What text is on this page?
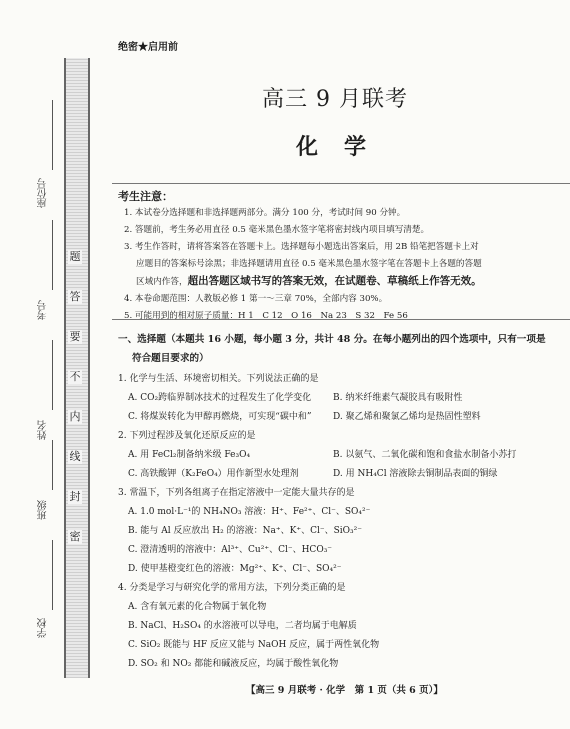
题
答
要
不
内
线
封
密
座位号
考号
姓名
班级
学校
绝密★启用前
高三 9 月联考
化学
考生注意：
1. 本试卷分选择题和非选择题两部分。满分 100 分，考试时间 90 分钟。
2. 答题前，考生务必用直径 0.5 毫米黑色墨水签字笔将密封线内项目填写清楚。
3. 考生作答时，请将答案答在答题卡上。选择题每小题选出答案后，用 2B 铅笔把答题卡上对
应题目的答案标号涂黑；非选择题请用直径 0.5 毫米黑色墨水签字笔在答题卡上各题的答题
区域内作答，超出答题区域书写的答案无效，在试题卷、草稿纸上作答无效。
4. 本卷命题范围：人教版必修 1 第一～三章 70%，全部内容 30%。
5. 可能用到的相对原子质量：H 1　C 12　O 16　Na 23　S 32　Fe 56
一、选择题（本题共 16 小题，每小题 3 分，共计 48 分。在每小题列出的四个选项中，只有一项是
符合题目要求的）
1. 化学与生活、环境密切相关。下列说法正确的是
A. CO₂跨临界制冰技术的过程发生了化学变化	B. 纳米纤维素气凝胶具有吸附性
C. 将煤炭转化为甲醇再燃烧，可实现“碳中和”	D. 聚乙烯和聚氯乙烯均是热固性塑料
2. 下列过程涉及氧化还原反应的是
A. 用 FeCl₂制备纳米级 Fe₃O₄	B. 以氨气、二氧化碳和饱和食盐水制备小苏打
C. 高铁酸钾（K₂FeO₄）用作新型水处理剂	D. 用 NH₄Cl 溶液除去铜制品表面的铜绿
3. 常温下，下列各组离子在指定溶液中一定能大量共存的是
A. 1.0 mol·L⁻¹的 NH₄NO₃ 溶液：H⁺、Fe²⁺、Cl⁻、SO₄²⁻
B. 能与 Al 反应放出 H₂ 的溶液：Na⁺、K⁺、Cl⁻、SiO₃²⁻
C. 澄清透明的溶液中：Al³⁺、Cu²⁺、Cl⁻、HCO₃⁻
D. 使甲基橙变红色的溶液：Mg²⁺、K⁺、Cl⁻、SO₄²⁻
4. 分类是学习与研究化学的常用方法，下列分类正确的是
A. 含有氧元素的化合物属于氧化物
B. NaCl、H₂SO₄ 的水溶液可以导电，二者均属于电解质
C. SiO₂ 既能与 HF 反应又能与 NaOH 反应，属于两性氧化物
D. SO₂ 和 NO₂ 都能和碱液反应，均属于酸性氧化物
【高三 9 月联考 · 化学　第 1 页（共 6 页）】
